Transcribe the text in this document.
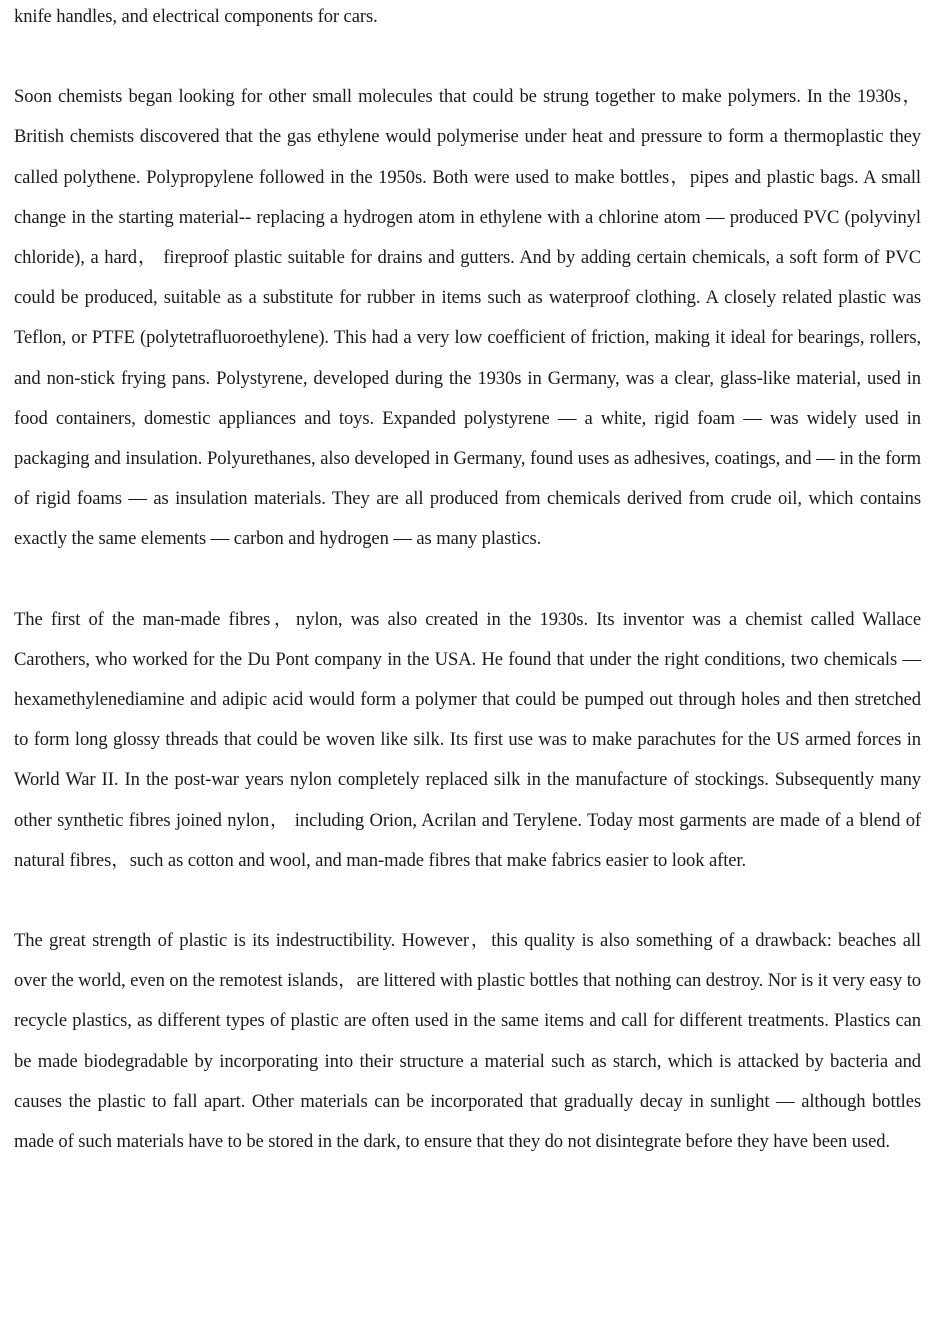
knife handles, and electrical components for cars.

Soon chemists began looking for other small molecules that could be strung together to make polymers. In the 1930s，British chemists discovered that the gas ethylene would polymerise under heat and pressure to form a thermoplastic they called polythene. Polypropylene followed in the 1950s. Both were used to make bottles，pipes and plastic bags. A small change in the starting material-- replacing a hydrogen atom in ethylene with a chlorine atom — produced PVC (polyvinyl chloride), a hard， fireproof plastic suitable for drains and gutters. And by adding certain chemicals, a soft form of PVC could be produced, suitable as a substitute for rubber in items such as waterproof clothing. A closely related plastic was Teflon, or PTFE (polytetrafluoroethylene). This had a very low coefficient of friction, making it ideal for bearings, rollers, and non-stick frying pans. Polystyrene, developed during the 1930s in Germany, was a clear, glass-like material, used in food containers, domestic appliances and toys. Expanded polystyrene — a white, rigid foam — was widely used in packaging and insulation. Polyurethanes, also developed in Germany, found uses as adhesives, coatings, and — in the form of rigid foams — as insulation materials. They are all produced from chemicals derived from crude oil, which contains exactly the same elements — carbon and hydrogen — as many plastics.

The first of the man-made fibres，nylon, was also created in the 1930s. Its inventor was a chemist called Wallace Carothers, who worked for the Du Pont company in the USA. He found that under the right conditions, two chemicals — hexamethylenediamine and adipic acid would form a polymer that could be pumped out through holes and then stretched to form long glossy threads that could be woven like silk. Its first use was to make parachutes for the US armed forces in World War II. In the post-war years nylon completely replaced silk in the manufacture of stockings. Subsequently many other synthetic fibres joined nylon， including Orion, Acrilan and Terylene. Today most garments are made of a blend of natural fibres，such as cotton and wool, and man-made fibres that make fabrics easier to look after.

The great strength of plastic is its indestructibility. However，this quality is also something of a drawback: beaches all over the world, even on the remotest islands，are littered with plastic bottles that nothing can destroy. Nor is it very easy to recycle plastics, as different types of plastic are often used in the same items and call for different treatments. Plastics can be made biodegradable by incorporating into their structure a material such as starch, which is attacked by bacteria and causes the plastic to fall apart. Other materials can be incorporated that gradually decay in sunlight — although bottles made of such materials have to be stored in the dark, to ensure that they do not disintegrate before they have been used.
